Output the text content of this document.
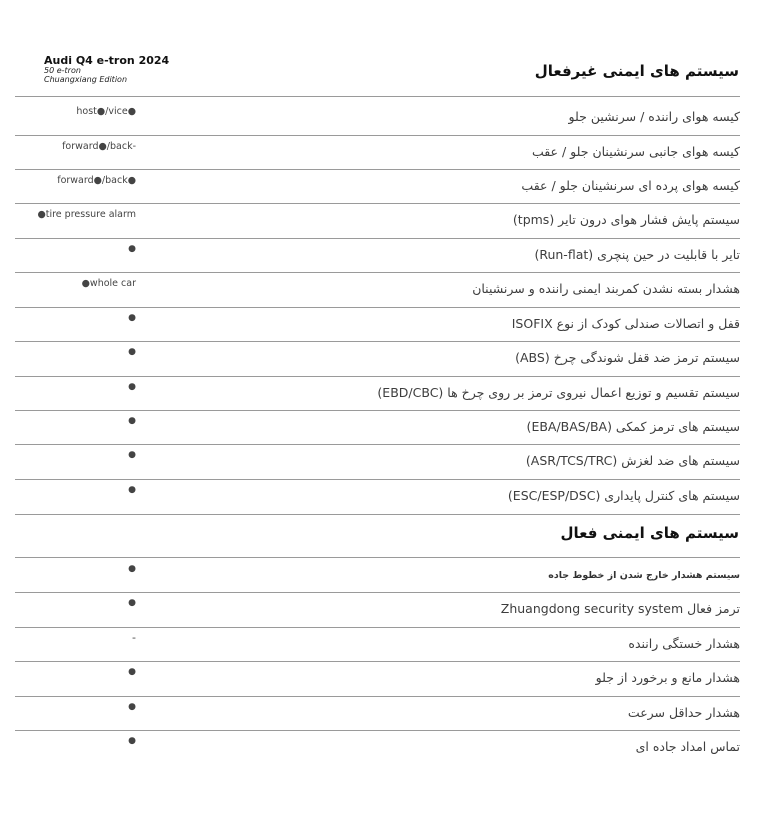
Audi Q4 e-tron 2024
50 e-tron
Chuangxiang Edition	سیستم های ایمنی غیرفعال
کیسه هوای راننده / سرنشین جلو
host●/vice●
کیسه هوای جانبی سرنشینان جلو / عقب
forward●/back-
کیسه هوای پرده ای سرنشینان جلو / عقب
forward●/back●
سیستم پایش فشار هوای درون تایر (tpms)
●tire pressure alarm
تایر با قابلیت در حین پنچری (Run-flat)
●
هشدار بسته نشدن کمربند ایمنی راننده و سرنشینان
●whole car
قفل و اتصالات صندلی کودک از نوع ISOFIX
●
سیستم ترمز ضد قفل شوندگی چرخ (ABS)
●
سیستم تقسیم و توزیع اعمال نیروی ترمز بر روی چرخ ها (EBD/CBC)
●
سیستم های ترمز کمکی (EBA/BAS/BA)
●
سیستم های ضد لغزش (ASR/TCS/TRC)
●
سیستم های کنترل پایداری (ESC/ESP/DSC)
●
سیستم های ایمنی فعال
سیستم هشدار خارج شدن از خطوط جاده
●
ترمز فعال Zhuangdong security system
●
هشدار خستگی راننده
-
هشدار مانع و برخورد از جلو
●
هشدار حداقل سرعت
●
تماس امداد جاده ای
●
